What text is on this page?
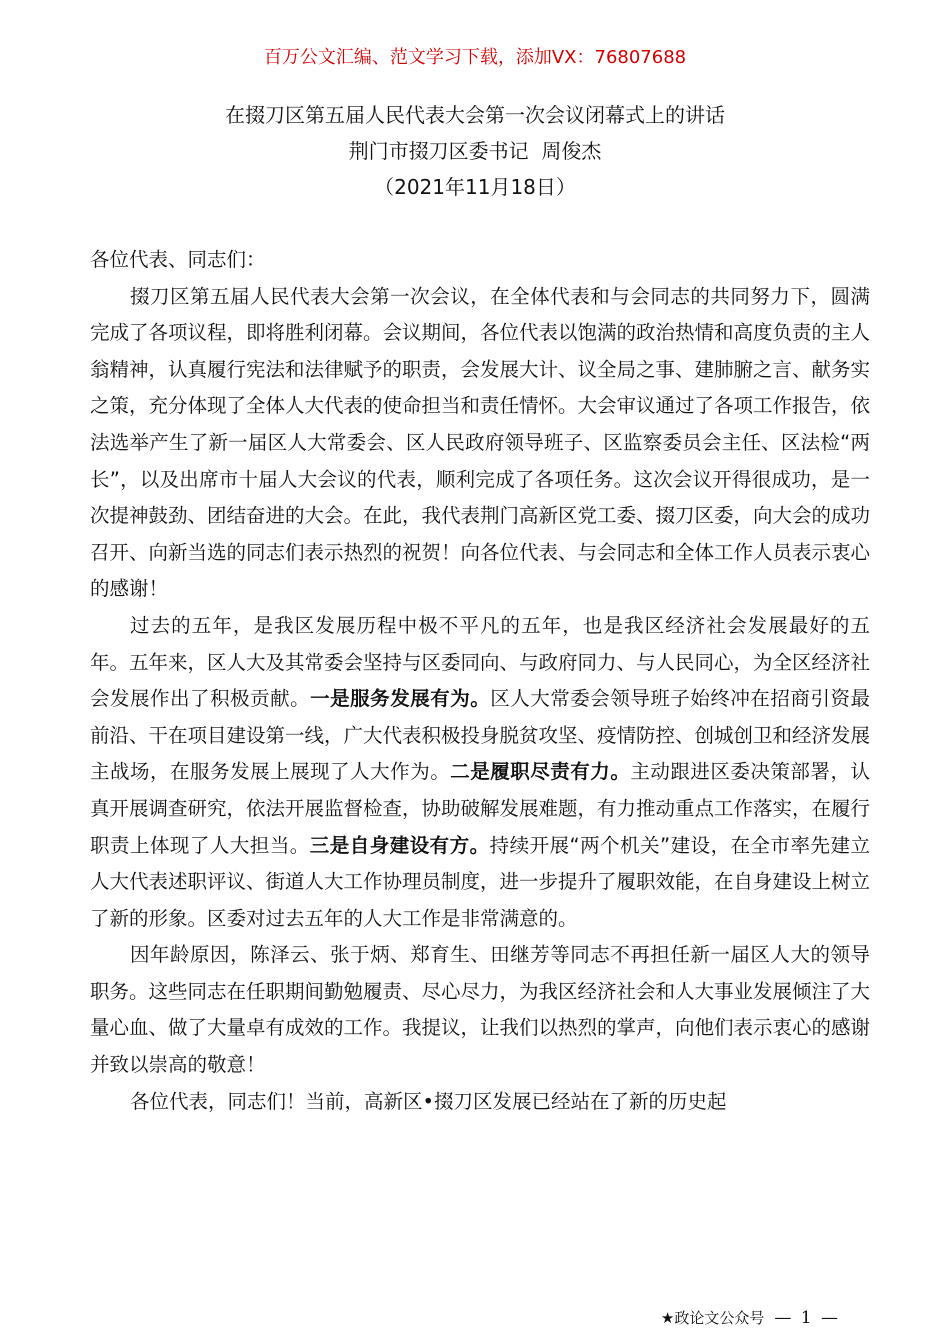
百万公文汇编、范文学习下载，添加VX：76807688
在掇刀区第五届人民代表大会第一次会议闭幕式上的讲话
荆门市掇刀区委书记  周俊杰
（2021年11月18日）

各位代表、同志们：

掇刀区第五届人民代表大会第一次会议，在全体代表和与会同志的共同努力下，圆满完成了各项议程，即将胜利闭幕。会议期间，各位代表以饱满的政治热情和高度负责的主人翁精神，认真履行宪法和法律赋予的职责，会发展大计、议全局之事、建肺腑之言、献务实之策，充分体现了全体人大代表的使命担当和责任情怀。大会审议通过了各项工作报告，依法选举产生了新一届区人大常委会、区人民政府领导班子、区监察委员会主任、区法检“两长”，以及出席市十届人大会议的代表，顺利完成了各项任务。这次会议开得很成功，是一次提神鼓劲、团结奋进的大会。在此，我代表荆门高新区党工委、掇刀区委，向大会的成功召开、向新当选的同志们表示热烈的祝贺！向各位代表、与会同志和全体工作人员表示衷心的感谢！

过去的五年，是我区发展历程中极不平凡的五年，也是我区经济社会发展最好的五年。五年来，区人大及其常委会坚持与区委同向、与政府同力、与人民同心，为全区经济社会发展作出了积极贡献。一是服务发展有为。区人大常委会领导班子始终冲在招商引资最前沿、干在项目建设第一线，广大代表积极投身脱贫攻坚、疫情防控、创城创卫和经济发展主战场，在服务发展上展现了人大作为。二是履职尽责有力。主动跟进区委决策部署，认真开展调查研究，依法开展监督检查，协助破解发展难题，有力推动重点工作落实，在履行职责上体现了人大担当。三是自身建设有方。持续开展“两个机关”建设，在全市率先建立人大代表述职评议、街道人大工作协理员制度，进一步提升了履职效能，在自身建设上树立了新的形象。区委对过去五年的人大工作是非常满意的。

因年龄原因，陈泽云、张于炳、郑育生、田继芳等同志不再担任新一届区人大的领导职务。这些同志在任职期间勤勉履责、尽心尽力，为我区经济社会和人大事业发展倾注了大量心血、做了大量卓有成效的工作。我提议，让我们以热烈的掌声，向他们表示衷心的感谢并致以崇高的敬意！

各位代表，同志们！当前，高新区•掇刀区发展已经站在了新的历史起

★政论文公众号 — 1 —
